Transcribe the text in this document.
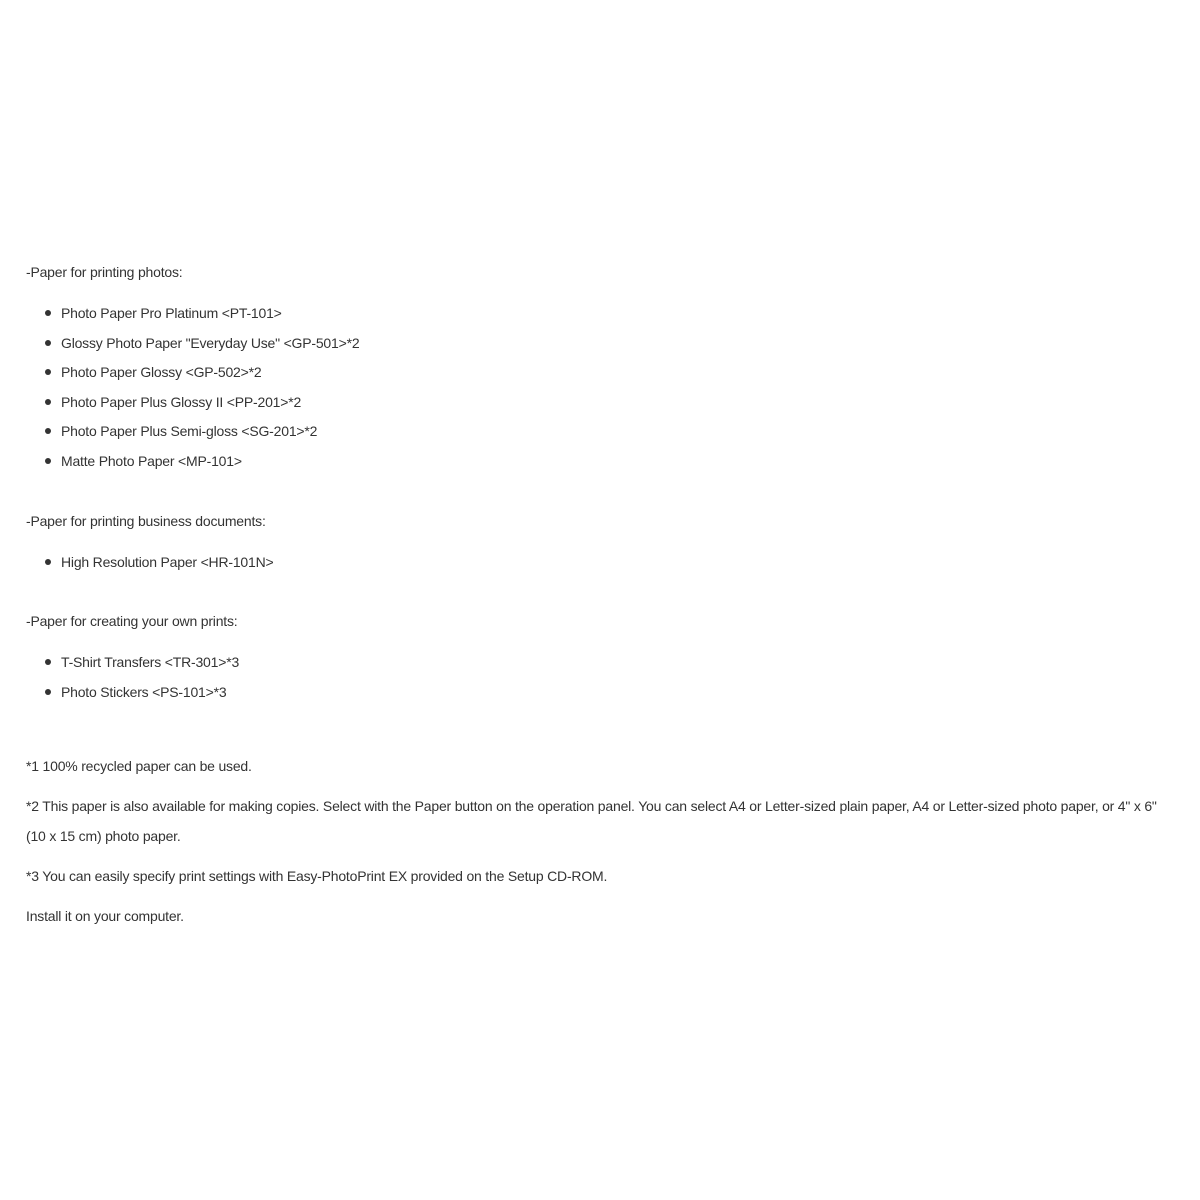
-Paper for printing photos:

Photo Paper Pro Platinum <PT-101>
Glossy Photo Paper "Everyday Use" <GP-501>*2
Photo Paper Glossy <GP-502>*2
Photo Paper Plus Glossy II <PP-201>*2
Photo Paper Plus Semi-gloss <SG-201>*2
Matte Photo Paper <MP-101>

-Paper for printing business documents:

High Resolution Paper <HR-101N>

-Paper for creating your own prints:

T-Shirt Transfers <TR-301>*3
Photo Stickers <PS-101>*3

*1 100% recycled paper can be used.

*2 This paper is also available for making copies. Select with the Paper button on the operation panel. You can select A4 or Letter-sized plain paper, A4 or Letter-sized photo paper, or 4" x 6" (10 x 15 cm) photo paper.

*3 You can easily specify print settings with Easy-PhotoPrint EX provided on the Setup CD-ROM.

Install it on your computer.
